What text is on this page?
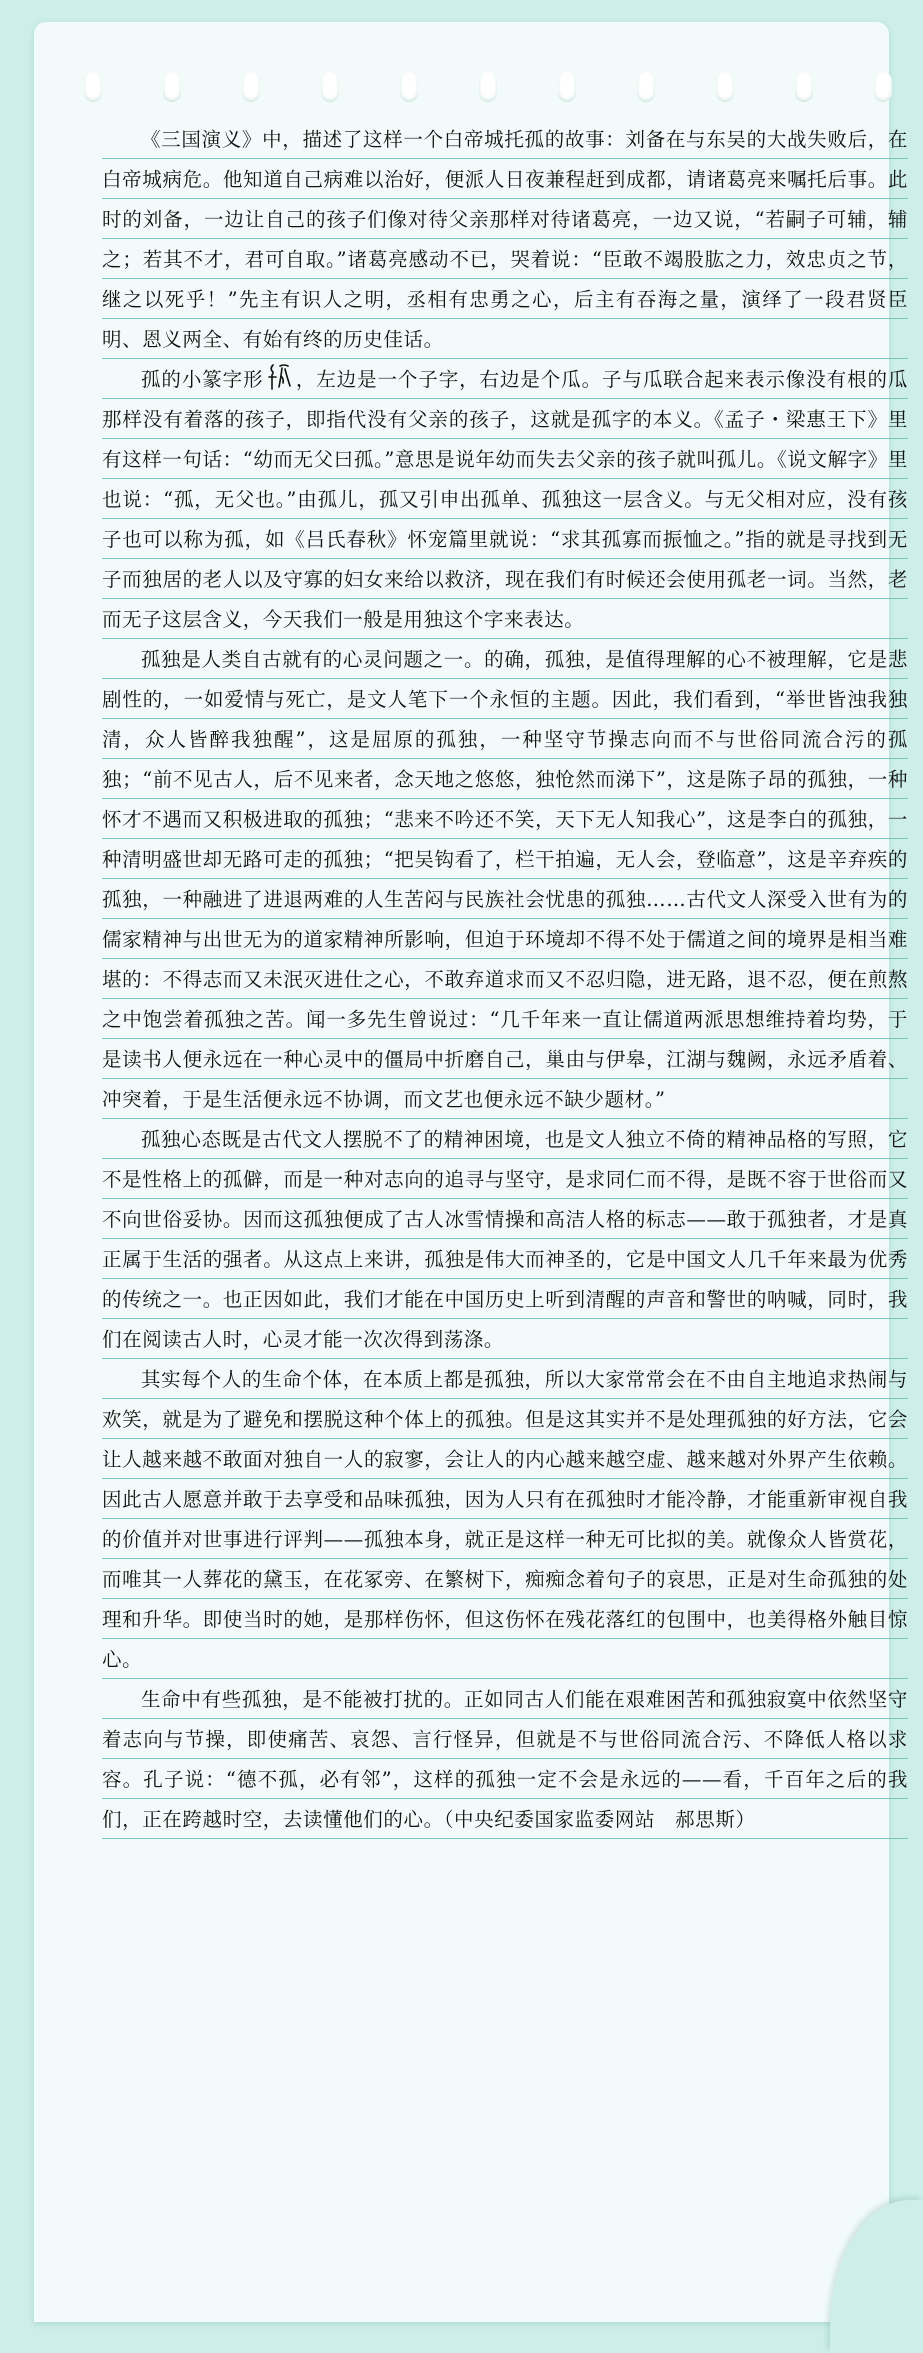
《三国演义》中，描述了这样一个白帝城托孤的故事：刘备在与东吴的大战失败后，在白帝城病危。他知道自己病难以治好，便派人日夜兼程赶到成都，请诸葛亮来嘱托后事。此时的刘备，一边让自己的孩子们像对待父亲那样对待诸葛亮，一边又说，“若嗣子可辅，辅之；若其不才，君可自取。”诸葛亮感动不已，哭着说：“臣敢不竭股肱之力，效忠贞之节，继之以死乎！”先主有识人之明，丞相有忠勇之心，后主有吞海之量，演绎了一段君贤臣明、恩义两全、有始有终的历史佳话。

孤的小篆字形 ，左边是一个子字，右边是个瓜。子与瓜联合起来表示像没有根的瓜那样没有着落的孩子，即指代没有父亲的孩子，这就是孤字的本义。《孟子・梁惠王下》里有这样一句话：“幼而无父曰孤。”意思是说年幼而失去父亲的孩子就叫孤儿。《说文解字》里也说：“孤，无父也。”由孤儿，孤又引申出孤单、孤独这一层含义。与无父相对应，没有孩子也可以称为孤，如《吕氏春秋》怀宠篇里就说：“求其孤寡而振恤之。”指的就是寻找到无子而独居的老人以及守寡的妇女来给以救济，现在我们有时候还会使用孤老一词。当然，老而无子这层含义，今天我们一般是用独这个字来表达。

孤独是人类自古就有的心灵问题之一。的确，孤独，是值得理解的心不被理解，它是悲剧性的，一如爱情与死亡，是文人笔下一个永恒的主题。因此，我们看到，“举世皆浊我独清，众人皆醉我独醒”，这是屈原的孤独，一种坚守节操志向而不与世俗同流合污的孤独；“前不见古人，后不见来者，念天地之悠悠，独怆然而涕下”，这是陈子昂的孤独，一种怀才不遇而又积极进取的孤独；“悲来不吟还不笑，天下无人知我心”，这是李白的孤独，一种清明盛世却无路可走的孤独；“把吴钩看了，栏干拍遍，无人会，登临意”，这是辛弃疾的孤独，一种融进了进退两难的人生苦闷与民族社会忧患的孤独……古代文人深受入世有为的儒家精神与出世无为的道家精神所影响，但迫于环境却不得不处于儒道之间的境界是相当难堪的：不得志而又未泯灭进仕之心，不敢弃道求而又不忍归隐，进无路，退不忍，便在煎熬之中饱尝着孤独之苦。闻一多先生曾说过：“几千年来一直让儒道两派思想维持着均势，于是读书人便永远在一种心灵中的僵局中折磨自己，巢由与伊皋，江湖与魏阙，永远矛盾着、冲突着，于是生活便永远不协调，而文艺也便永远不缺少题材。”

孤独心态既是古代文人摆脱不了的精神困境，也是文人独立不倚的精神品格的写照，它不是性格上的孤僻，而是一种对志向的追寻与坚守，是求同仁而不得，是既不容于世俗而又不向世俗妥协。因而这孤独便成了古人冰雪情操和高洁人格的标志——敢于孤独者，才是真正属于生活的强者。从这点上来讲，孤独是伟大而神圣的，它是中国文人几千年来最为优秀的传统之一。也正因如此，我们才能在中国历史上听到清醒的声音和警世的呐喊，同时，我们在阅读古人时，心灵才能一次次得到荡涤。

其实每个人的生命个体，在本质上都是孤独，所以大家常常会在不由自主地追求热闹与欢笑，就是为了避免和摆脱这种个体上的孤独。但是这其实并不是处理孤独的好方法，它会让人越来越不敢面对独自一人的寂寥，会让人的内心越来越空虚、越来越对外界产生依赖。因此古人愿意并敢于去享受和品味孤独，因为人只有在孤独时才能冷静，才能重新审视自我的价值并对世事进行评判——孤独本身，就正是这样一种无可比拟的美。就像众人皆赏花，而唯其一人葬花的黛玉，在花冢旁、在繁树下，痴痴念着句子的哀思，正是对生命孤独的处理和升华。即使当时的她，是那样伤怀，但这伤怀在残花落红的包围中，也美得格外触目惊心。

生命中有些孤独，是不能被打扰的。正如同古人们能在艰难困苦和孤独寂寞中依然坚守着志向与节操，即使痛苦、哀怨、言行怪异，但就是不与世俗同流合污、不降低人格以求容。孔子说：“德不孤，必有邻”，这样的孤独一定不会是永远的——看，千百年之后的我们，正在跨越时空，去读懂他们的心。（中央纪委国家监委网站　郝思斯）
